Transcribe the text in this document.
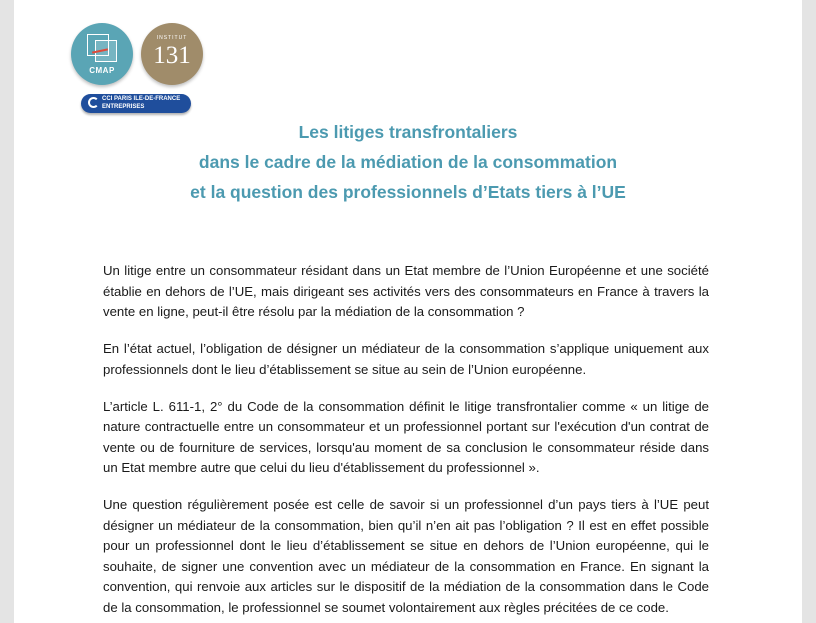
CMAP
INSTITUT
131
CCI PARIS ILE-DE-FRANCE
ENTREPRISES
Les litiges transfrontaliers
dans le cadre de la médiation de la consommation
et la question des professionnels d’Etats tiers à l’UE

Un litige entre un consommateur résidant dans un Etat membre de l’Union Européenne et une société établie en dehors de l’UE, mais dirigeant ses activités vers des consommateurs en France à travers la vente en ligne, peut-il être résolu par la médiation de la consommation ?

En l’état actuel, l’obligation de désigner un médiateur de la consommation s’applique uniquement aux professionnels dont le lieu d’établissement se situe au sein de l’Union européenne.

L’article L. 611-1, 2° du Code de la consommation définit le litige transfrontalier comme « un litige de nature contractuelle entre un consommateur et un professionnel portant sur l'exécution d'un contrat de vente ou de fourniture de services, lorsqu'au moment de sa conclusion le consommateur réside dans un Etat membre autre que celui du lieu d'établissement du professionnel ».

Une question régulièrement posée est celle de savoir si un professionnel d’un pays tiers à l’UE peut désigner un médiateur de la consommation, bien qu’il n’en ait pas l’obligation ? Il est en effet possible pour un professionnel dont le lieu d’établissement se situe en dehors de l’Union européenne, qui le souhaite, de signer une convention avec un médiateur de la consommation en France. En signant la convention, qui renvoie aux articles sur le dispositif de la médiation de la consommation dans le Code de la consommation, le professionnel se soumet volontairement aux règles précitées de ce code.
